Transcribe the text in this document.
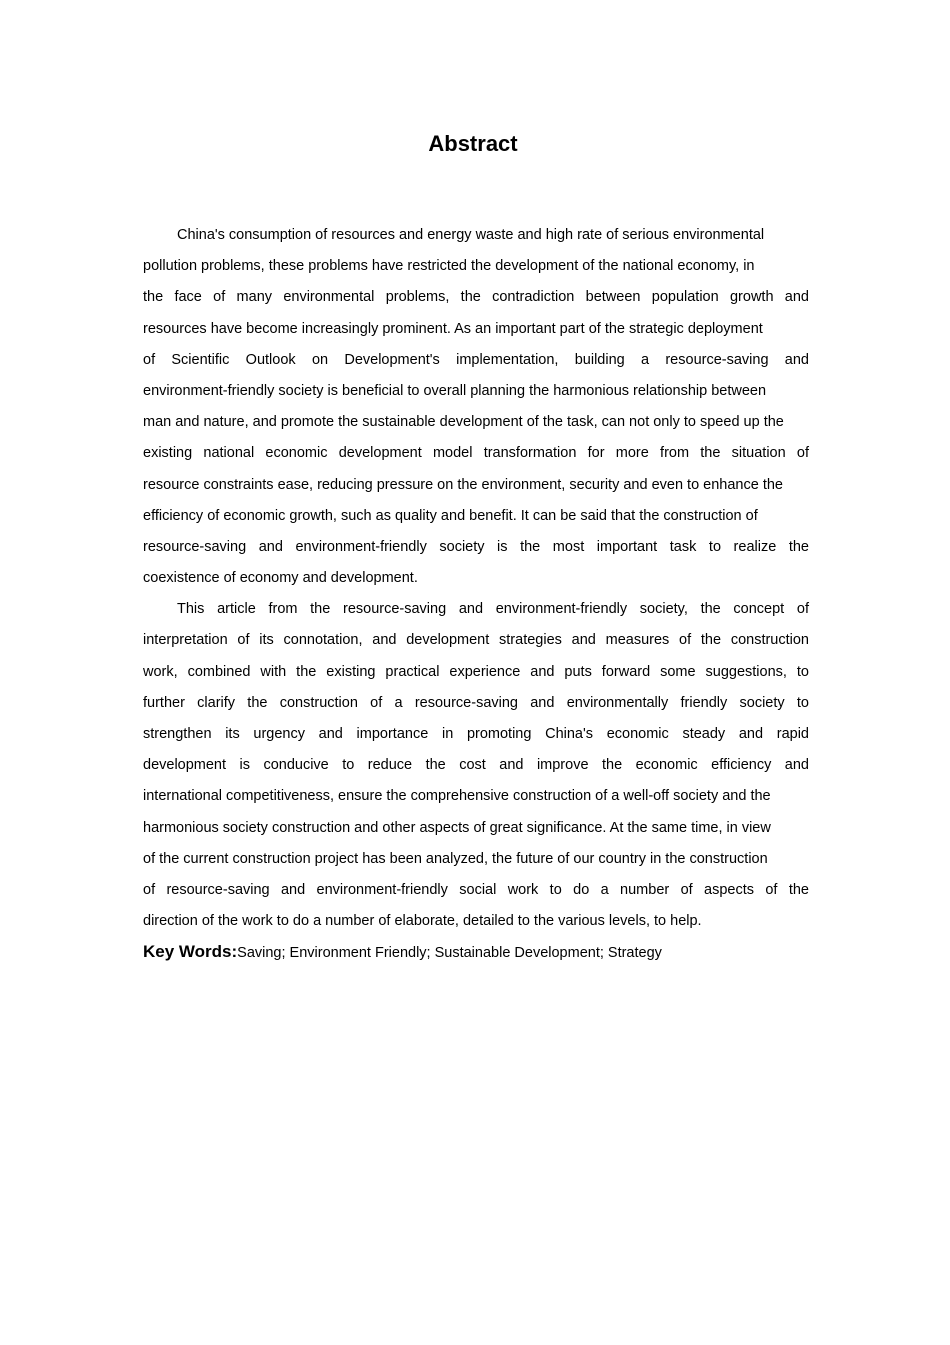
Abstract
China's consumption of resources and energy waste and high rate of serious environmental
pollution problems, these problems have restricted the development of the national economy, in
the face of many environmental problems, the contradiction between population growth and
resources have become increasingly prominent. As an important part of the strategic deployment
of Scientific Outlook on Development's implementation, building a resource-saving and
environment-friendly society is beneficial to overall planning the harmonious relationship between
man and nature, and promote the sustainable development of the task, can not only to speed up the
existing national economic development model transformation for more from the situation of
resource constraints ease, reducing pressure on the environment, security and even to enhance the
efficiency of economic growth, such as quality and benefit. It can be said that the construction of
resource-saving and environment-friendly society is the most important task to realize the
coexistence of economy and development.
This article from the resource-saving and environment-friendly society, the concept of
interpretation of its connotation, and development strategies and measures of the construction
work, combined with the existing practical experience and puts forward some suggestions, to
further clarify the construction of a resource-saving and environmentally friendly society to
strengthen its urgency and importance in promoting China's economic steady and rapid
development is conducive to reduce the cost and improve the economic efficiency and
international competitiveness, ensure the comprehensive construction of a well-off society and the
harmonious society construction and other aspects of great significance. At the same time, in view
of the current construction project has been analyzed, the future of our country in the construction
of resource-saving and environment-friendly social work to do a number of aspects of the
direction of the work to do a number of elaborate, detailed to the various levels, to help.
Key Words:Saving; Environment Friendly; Sustainable Development; Strategy
